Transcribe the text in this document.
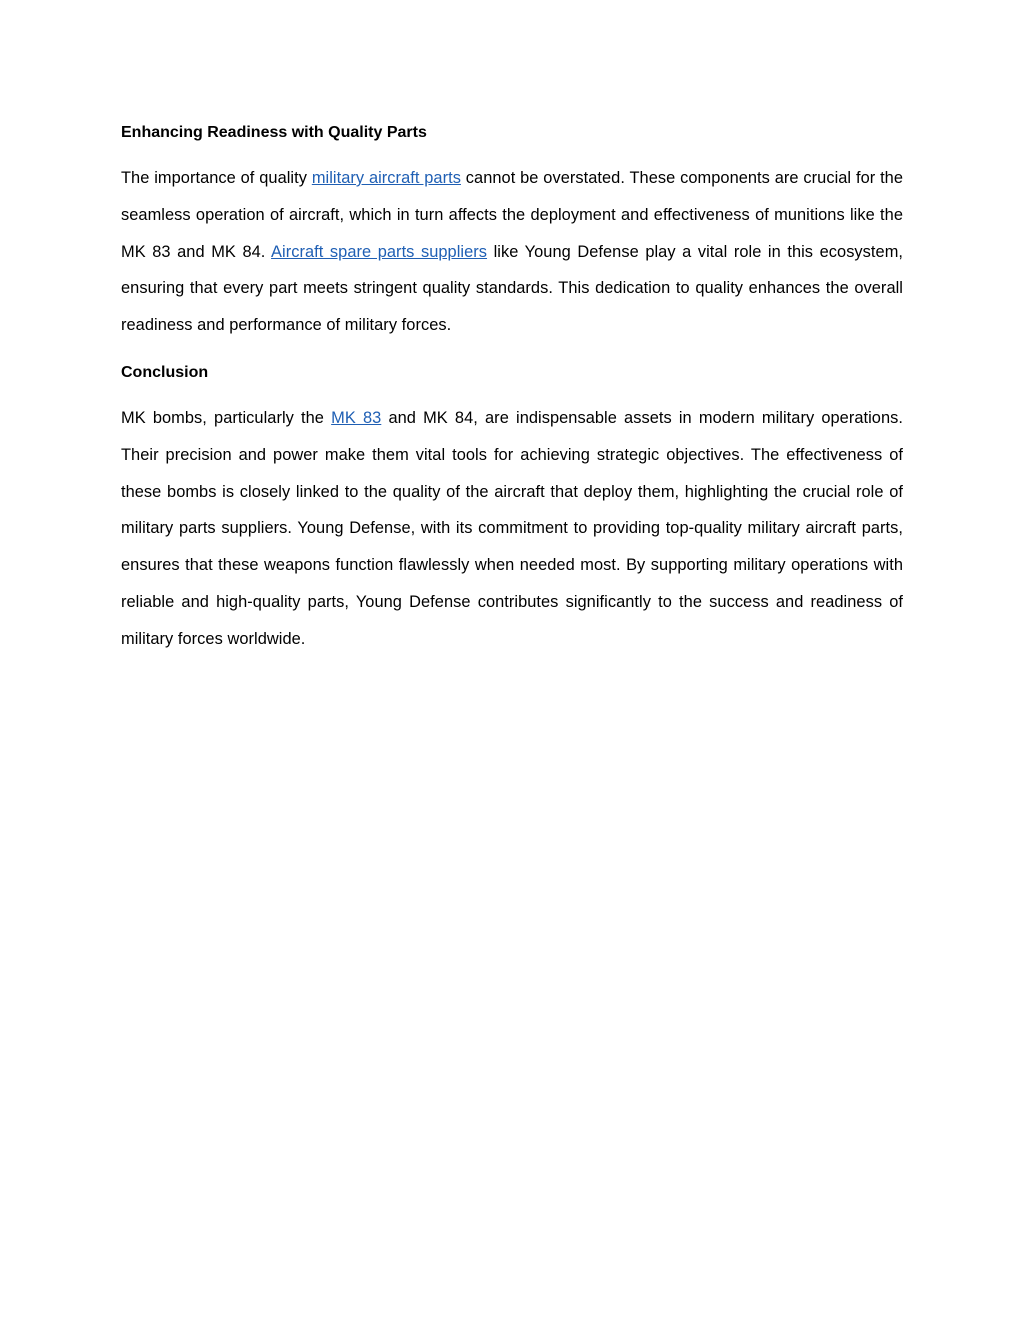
Enhancing Readiness with Quality Parts

The importance of quality military aircraft parts cannot be overstated. These components are crucial for the seamless operation of aircraft, which in turn affects the deployment and effectiveness of munitions like the MK 83 and MK 84. Aircraft spare parts suppliers like Young Defense play a vital role in this ecosystem, ensuring that every part meets stringent quality standards. This dedication to quality enhances the overall readiness and performance of military forces.

Conclusion

MK bombs, particularly the MK 83 and MK 84, are indispensable assets in modern military operations. Their precision and power make them vital tools for achieving strategic objectives. The effectiveness of these bombs is closely linked to the quality of the aircraft that deploy them, highlighting the crucial role of military parts suppliers. Young Defense, with its commitment to providing top-quality military aircraft parts, ensures that these weapons function flawlessly when needed most. By supporting military operations with reliable and high-quality parts, Young Defense contributes significantly to the success and readiness of military forces worldwide.
